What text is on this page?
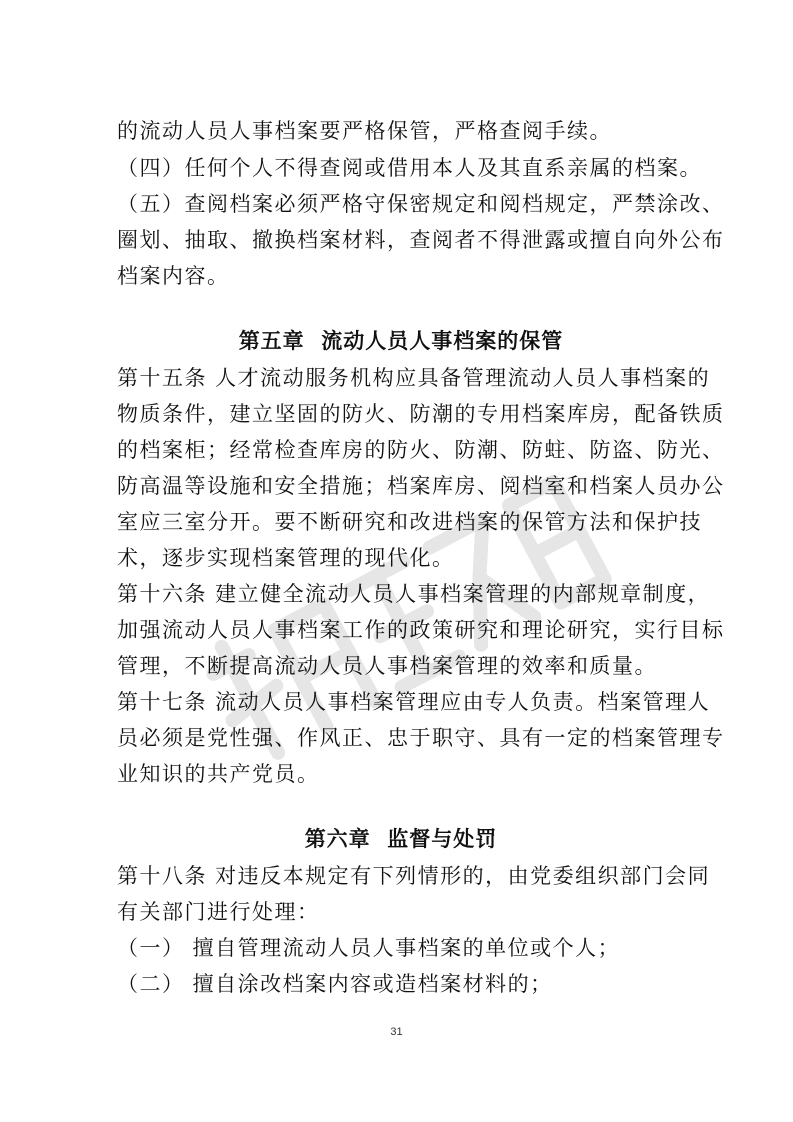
的流动人员人事档案要严格保管，严格查阅手续。
（四）任何个人不得查阅或借用本人及其直系亲属的档案。
（五）查阅档案必须严格守保密规定和阅档规定，严禁涂改、
圈划、抽取、撤换档案材料，查阅者不得泄露或擅自向外公布
档案内容。
第五章  流动人员人事档案的保管
第十五条 人才流动服务机构应具备管理流动人员人事档案的
物质条件，建立坚固的防火、防潮的专用档案库房，配备铁质
的档案柜；经常检查库房的防火、防潮、防蛀、防盗、防光、
防高温等设施和安全措施；档案库房、阅档室和档案人员办公
室应三室分开。要不断研究和改进档案的保管方法和保护技
术，逐步实现档案管理的现代化。
第十六条 建立健全流动人员人事档案管理的内部规章制度，
加强流动人员人事档案工作的政策研究和理论研究，实行目标
管理，不断提高流动人员人事档案管理的效率和质量。
第十七条 流动人员人事档案管理应由专人负责。档案管理人
员必须是党性强、作风正、忠于职守、具有一定的档案管理专
业知识的共产党员。
第六章  监督与处罚
第十八条 对违反本规定有下列情形的，由党委组织部门会同
有关部门进行处理：
（一） 擅自管理流动人员人事档案的单位或个人；
（二） 擅自涂改档案内容或造档案材料的；
31
